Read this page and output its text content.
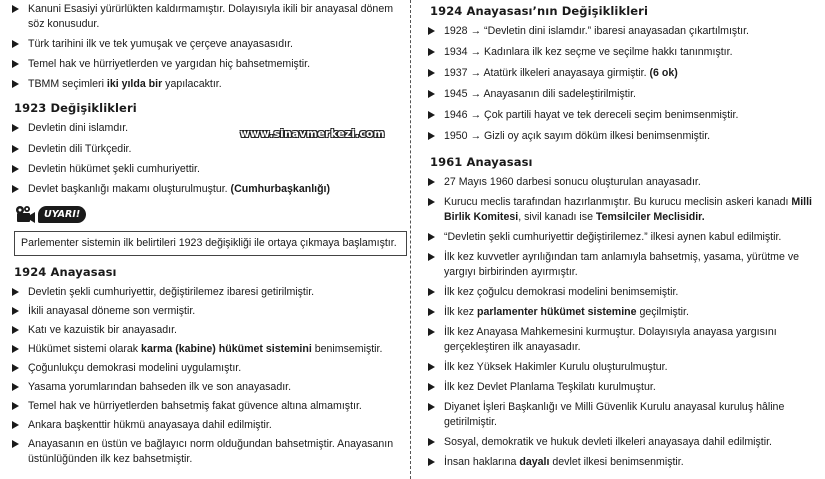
Kanuni Esasiyi yürürlükten kaldırmamıştır. Dolayısıyla ikili bir anayasal dönem söz konusudur.
Türk tarihini ilk ve tek yumuşak ve çerçeve anayasasıdır.
Temel hak ve hürriyetlerden ve yargıdan hiç bahsetmemiştir.
TBMM seçimleri iki yılda bir yapılacaktır.
1923 Değişiklikleri
Devletin dini islamdır.
Devletin dili Türkçedir.
Devletin hükümet şekli cumhuriyettir.
Devlet başkanlığı makamı oluşturulmuştur. (Cumhurbaşkanlığı)
UYARI!
Parlementer sistemin ilk belirtileri 1923 değişikliği ile ortaya çıkmaya başlamıştır.
1924 Anayasası
Devletin şekli cumhuriyettir, değiştirilemez ibaresi getirilmiştir.
İkili anayasal döneme son vermiştir.
Katı ve kazuistik bir anayasadır.
Hükümet sistemi olarak karma (kabine) hükümet sistemini benimsemiştir.
Çoğunlukçu demokrasi modelini uygulamıştır.
Yasama yorumlarından bahseden ilk ve son anayasadır.
Temel hak ve hürriyetlerden bahsetmiş fakat güvence altına almamıştır.
Ankara başkenttir hükmü anayasaya dahil edilmiştir.
Anayasanın en üstün ve bağlayıcı norm olduğundan bahsetmiştir. Anayasanın üstünlüğünden ilk kez bahsetmiştir.
www.sinavmerkezi.com
1924 Anayasası’nın Değişiklikleri
1928 → “Devletin dini islamdır.” ibaresi anayasadan çıkartılmıştır.
1934 → Kadınlara ilk kez seçme ve seçilme hakkı tanınmıştır.
1937 → Atatürk ilkeleri anayasaya girmiştir. (6 ok)
1945 → Anayasanın dili sadeleştirilmiştir.
1946 → Çok partili hayat ve tek dereceli seçim benimsenmiştir.
1950 → Gizli oy açık sayım döküm ilkesi benimsenmiştir.
1961 Anayasası
27 Mayıs 1960 darbesi sonucu oluşturulan anayasadır.
Kurucu meclis tarafından hazırlanmıştır. Bu kurucu meclisin askeri kanadı Milli Birlik Komitesi, sivil kanadı ise Temsilciler Meclisidir.
“Devletin şekli cumhuriyettir değiştirilemez.” ilkesi aynen kabul edilmiştir.
İlk kez kuvvetler ayrılığından tam anlamıyla bahsetmiş, yasama, yürütme ve yargıyı birbirinden ayırmıştır.
İlk kez çoğulcu demokrasi modelini benimsemiştir.
İlk kez parlamenter hükümet sistemine geçilmiştir.
İlk kez Anayasa Mahkemesini kurmuştur. Dolayısıyla anayasa yargısını gerçekleştiren ilk anayasadır.
İlk kez Yüksek Hakimler Kurulu oluşturulmuştur.
İlk kez Devlet Planlama Teşkilatı kurulmuştur.
Diyanet İşleri Başkanlığı ve Milli Güvenlik Kurulu anayasal kuruluş hâline getirilmiştir.
Sosyal, demokratik ve hukuk devleti ilkeleri anayasaya dahil edilmiştir.
İnsan haklarına dayalı devlet ilkesi benimsenmiştir.
